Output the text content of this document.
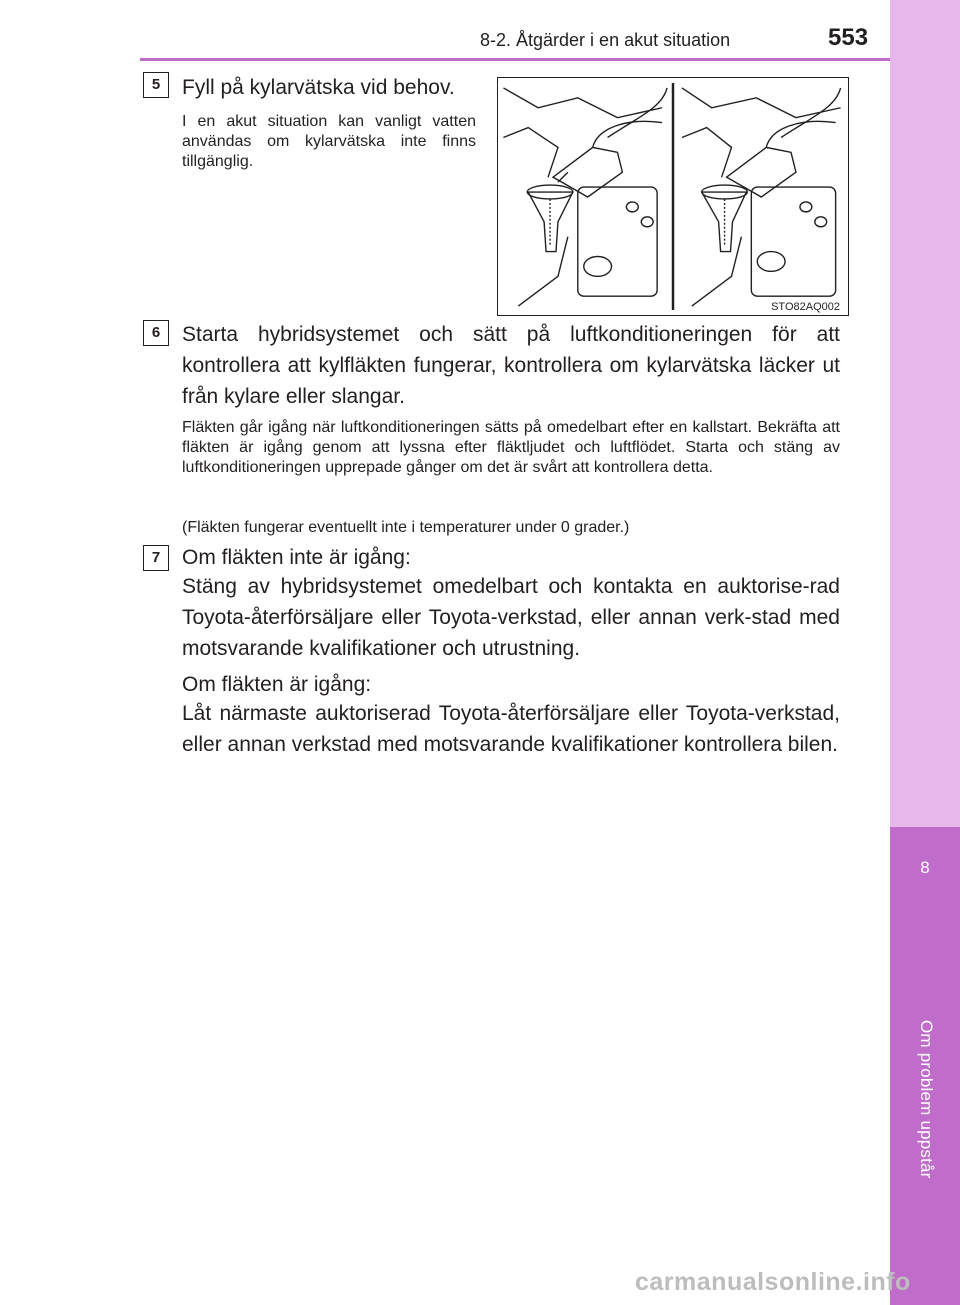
8
Om problem uppstår
8-2. Åtgärder i en akut situation	553
5	Fyll på kylarvätska vid behov.
I en akut situation kan vanligt vatten användas om kylarvätska inte finns tillgänglig.
STO82AQ002
6	Starta hybridsystemet och sätt på luftkonditioneringen för att kontrollera att kylfläkten fungerar, kontrollera om kylarvätska läcker ut från kylare eller slangar.
Fläkten går igång när luftkonditioneringen sätts på omedelbart efter en kallstart. Bekräfta att fläkten är igång genom att lyssna efter fläktljudet och luftflödet. Starta och stäng av luftkonditioneringen upprepade gånger om det är svårt att kontrollera detta.
(Fläkten fungerar eventuellt inte i temperaturer under 0 grader.)
7	Om fläkten inte är igång:
Stäng av hybridsystemet omedelbart och kontakta en auktorise-rad Toyota-återförsäljare eller Toyota-verkstad, eller annan verk-stad med motsvarande kvalifikationer och utrustning.
Om fläkten är igång:
Låt närmaste auktoriserad Toyota-återförsäljare eller Toyota-verkstad, eller annan verkstad med motsvarande kvalifikationer kontrollera bilen.
carmanualsonline.info
